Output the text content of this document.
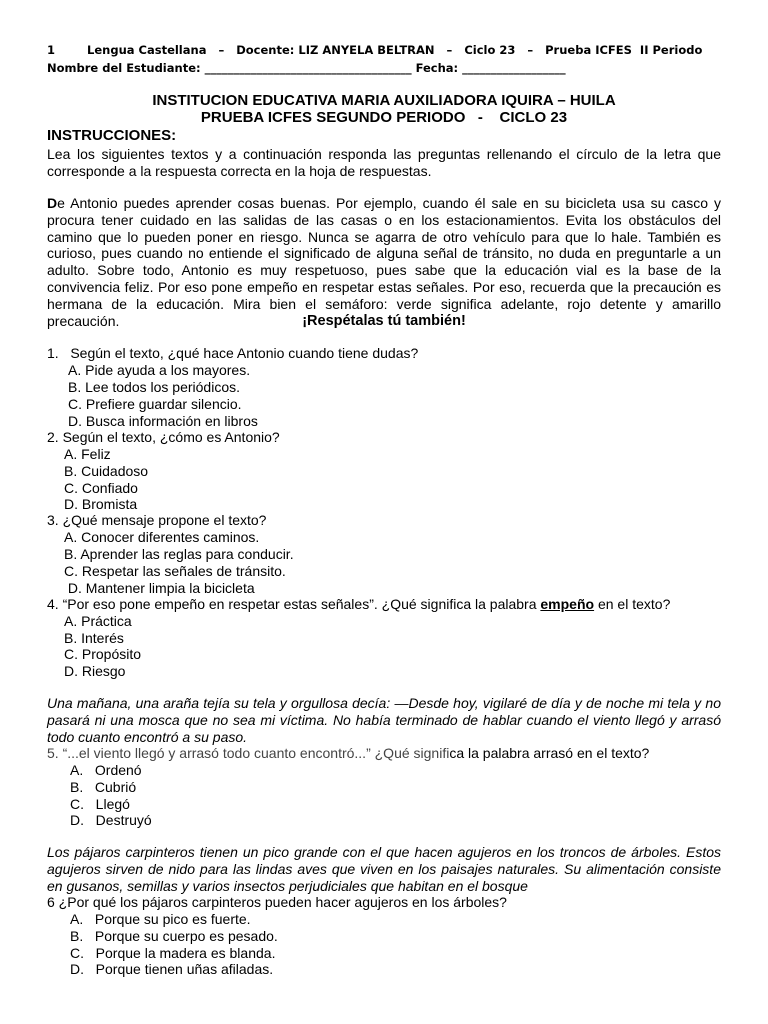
1        Lengua Castellana   –   Docente: LIZ ANYELA BELTRAN   –   Ciclo 23   –   Prueba ICFES  II Periodo
Nombre del Estudiante: ____________________________________ Fecha: __________________
INSTITUCION EDUCATIVA MARIA AUXILIADORA IQUIRA – HUILA
PRUEBA ICFES SEGUNDO PERIODO   -    CICLO 23
INSTRUCCIONES:
Lea los siguientes textos y a continuación responda las preguntas rellenando el círculo de la letra que corresponde a la respuesta correcta en la hoja de respuestas.
De Antonio puedes aprender cosas buenas. Por ejemplo, cuando él sale en su bicicleta usa su casco y procura tener cuidado en las salidas de las casas o en los estacionamientos. Evita los obstáculos del camino que lo pueden poner en riesgo. Nunca se agarra de otro vehículo para que lo hale. También es curioso, pues cuando no entiende el significado de alguna señal de tránsito, no duda en preguntarle a un adulto. Sobre todo, Antonio es muy respetuoso, pues sabe que la educación vial es la base de la convivencia feliz. Por eso pone empeño en respetar estas señales. Por eso, recuerda que la precaución es hermana de la educación. Mira bien el semáforo: verde significa adelante, rojo detente y amarillo precaución.	¡Respétalas tú también!
1.   Según el texto, ¿qué hace Antonio cuando tiene dudas?
A. Pide ayuda a los mayores.
B. Lee todos los periódicos.
C. Prefiere guardar silencio.
D. Busca información en libros
2. Según el texto, ¿cómo es Antonio?
A. Feliz
B. Cuidadoso
C. Confiado
D. Bromista
3. ¿Qué mensaje propone el texto?
A. Conocer diferentes caminos.
B. Aprender las reglas para conducir.
C. Respetar las señales de tránsito.
D. Mantener limpia la bicicleta
4. “Por eso pone empeño en respetar estas señales”. ¿Qué significa la palabra empeño en el texto?
A. Práctica
B. Interés
C. Propósito
D. Riesgo
Una mañana, una araña tejía su tela y orgullosa decía: —Desde hoy, vigilaré de día y de noche mi tela y no pasará ni una mosca que no sea mi víctima. No había terminado de hablar cuando el viento llegó y arrasó todo cuanto encontró a su paso.
5. “...el viento llegó y arrasó todo cuanto encontró...” ¿Qué significa la palabra arrasó en el texto?
A.   Ordenó
B.   Cubrió
C.   Llegó
D.   Destruyó
Los pájaros carpinteros tienen un pico grande con el que hacen agujeros en los troncos de árboles. Estos agujeros sirven de nido para las lindas aves que viven en los paisajes naturales. Su alimentación consiste en gusanos, semillas y varios insectos perjudiciales que habitan en el bosque
6 ¿Por qué los pájaros carpinteros pueden hacer agujeros en los árboles?
A.   Porque su pico es fuerte.
B.   Porque su cuerpo es pesado.
C.   Porque la madera es blanda.
D.   Porque tienen uñas afiladas.
